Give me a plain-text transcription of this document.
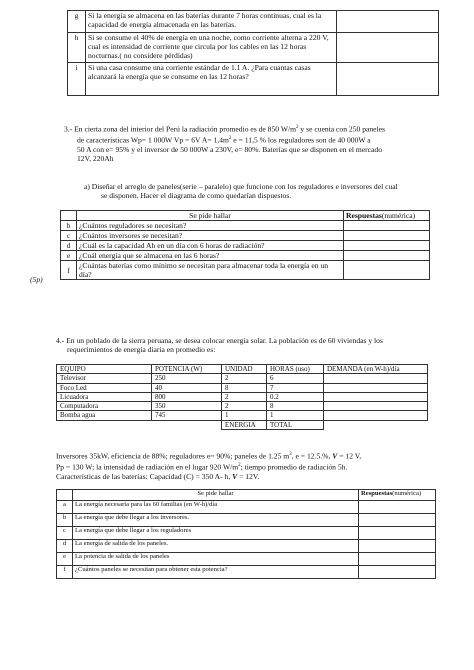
g	Si la energía se almacena en las baterías durante 7 horas continuas, cual es la capacidad de energía almacenada en las baterías.	
h	Si se consume el 40% de energía en una noche, como corriente alterna a 220 V, cual es intensidad de corriente que circula por los cables en las 12 horas nocturnas.( no considere pérdidas)	
i	Si una casa consume una corriente estándar de 1.1 A. ¿Para cuantas casas alcanzará la energía que se consume en las 12 horas?	
3.- En cierta zona del interior del Perú la radiación promedio es de 850 $W/m^2$ y se cuenta con 250 paneles
de características Wp= 1 000W Vp = 6V $A= 1,4m^2$ e = 11,5 % los reguladores son de 40 000W a
50 A con e= 95% y el inversor de 50 000W a 230V, e= 80%. Baterías que se disponen en el mercado
12V, 220Ah
a) Diseñar el arreglo de paneles(serie – paralelo) que funcione con los reguladores e inversores del cual
se disponen. Hacer el diagrama de como quedarían dispuestos.
(5p)
	Se pide hallar	Respuestas(numérica)
b	¿Cuántos reguladores se necesitan?	
c	¿Cuántos inversores se necesitan?	
d	¿Cuál es la capacidad Ah en un día con 6 horas de radiación?	
e	¿Cuál energía que se almacena en las 6 horas?	
f	¿Cuántas baterías como mínimo se necesitan para almacenar toda la energía en un día?	
4.- En un poblado de la sierra peruana, se desea colocar energía solar. La población es de 60 viviendas y los
requerimientos de energía diaria en promedio es:
EQUIPO	POTENCIA (W)	UNIDAD	HORAS (uso)	DEMANDA (en W-h)/día
Televisor	250	2	6	
Foco Led	40	8	7	
Licuadora	800	2	0.2	
Computadora	350	2	8	
Bomba agua	745	1	1	
		ENERGIA	TOTAL	
Inversores 35kW, eficiencia de 88%; reguladores e= 90%; paneles de 1.25 $m^2$, e = 12.5.%, V = 12 V,
Pp = 130 W; la intensidad de radiación en el lugar 920 $W/m^2$; tiempo promedio de radiación 5h.
Características de las baterías: Capacidad (C) = 350 A- h, V = 12V.
	Se pide hallar	Respuestas(numérica)
a	La energía necesaria para las 60 familias (en W-h)/día	
b	La energía que debe llegar a los inversores.	
c	La energía que debe llegar a los reguladores	
d	La energía de salida de los paneles.	
e	La potencia de salida de los paneles	
f	¿Cuántos paneles se necesitan para obtener esta potencia?	
